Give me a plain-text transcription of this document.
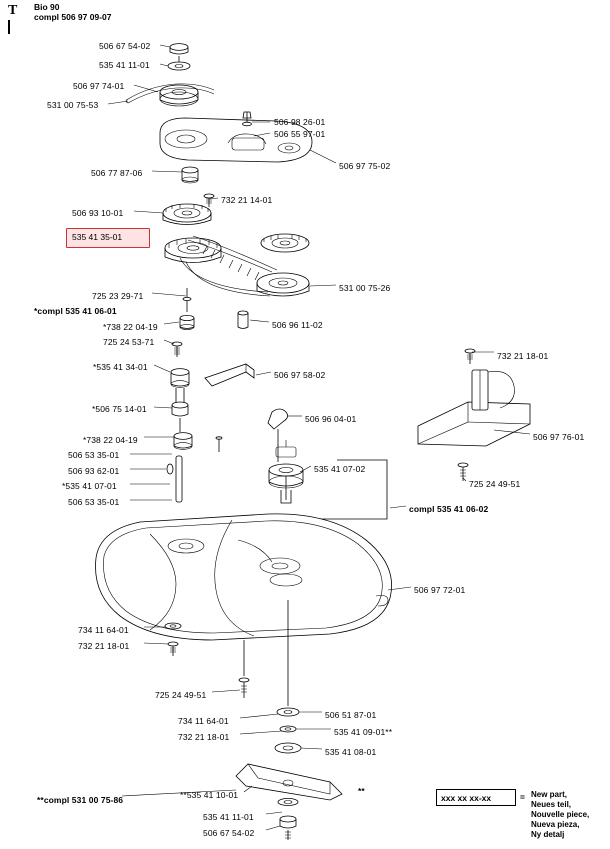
T Bio 90
compl 506 97 09-07
506 67 54-02
535 41 11-01
506 97 74-01
531 00 75-53
506 98 26-01
506 55 97-01
506 97 75-02
506 77 87-06
732 21 14-01
506 93 10-01
531 00 75-26
725 23 29-71
*compl 535 41 06-01
*738 22 04-19	506 96 11-02
725 24 53-71
732 21 18-01
*535 41 34-01
506 97 58-02
*506 75 14-01
506 96 04-01
506 97 76-01
*738 22 04-19
506 53 35-01
506 93 62-01	535 41 07-02
*535 41 07-01	725 24 49-51
506 53 35-01
compl 535 41 06-02
506 97 72-01
734 11 64-01
732 21 18-01
725 24 49-51
506 51 87-01
734 11 64-01
535 41 09-01**
732 21 18-01
535 41 08-01
**compl 531 00 75-86	**535 41 10-01	**
535 41 11-01
506 67 54-02
535 41 35-01
xxx xx xx-xx	= New part,
Neues teil,
Nouvelle piece,
Nueva pieza,
Ny detalj
